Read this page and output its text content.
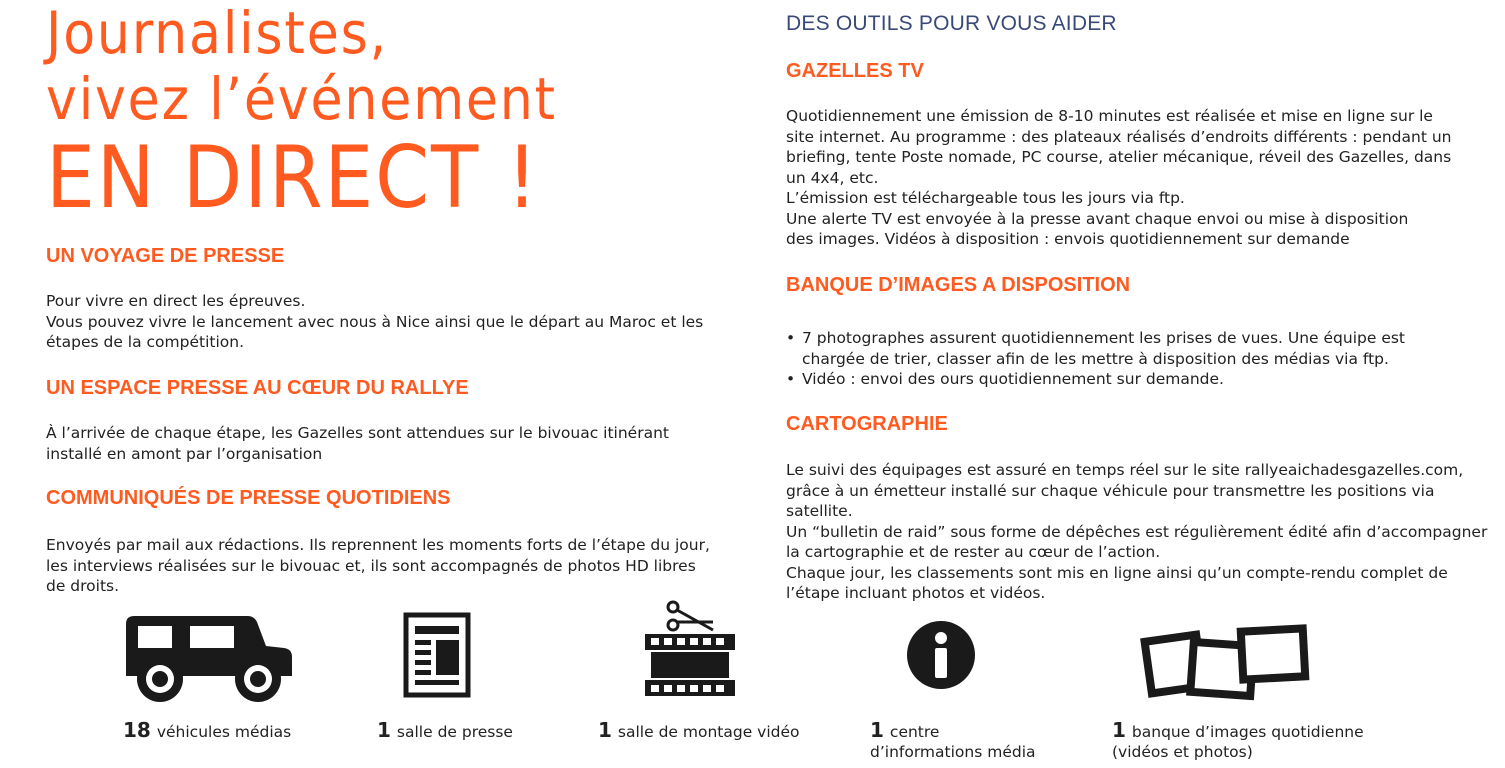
Journalistes,
vivez l’événement
EN DIRECT !
UN VOYAGE DE PRESSE
Pour vivre en direct les épreuves.
Vous pouvez vivre le lancement avec nous à Nice ainsi que le départ au Maroc et les
étapes de la compétition.
UN ESPACE PRESSE AU CŒUR DU RALLYE
À l’arrivée de chaque étape, les Gazelles sont attendues sur le bivouac itinérant
installé en amont par l’organisation
COMMUNIQUÉS DE PRESSE QUOTIDIENS
Envoyés par mail aux rédactions. Ils reprennent les moments forts de l’étape du jour,
les interviews réalisées sur le bivouac et, ils sont accompagnés de photos HD libres
de droits.
DES OUTILS POUR VOUS AIDER
GAZELLES TV
Quotidiennement une émission de 8-10 minutes est réalisée et mise en ligne sur le
site internet. Au programme : des plateaux réalisés d’endroits différents : pendant un
briefing, tente Poste nomade, PC course, atelier mécanique, réveil des Gazelles, dans
un 4x4, etc.
L’émission est téléchargeable tous les jours via ftp.
Une alerte TV est envoyée à la presse avant chaque envoi ou mise à disposition
des images. Vidéos à disposition : envois quotidiennement sur demande
BANQUE D’IMAGES A DISPOSITION
• 7 photographes assurent quotidiennement les prises de vues. Une équipe est
chargée de trier, classer afin de les mettre à disposition des médias via ftp.
• Vidéo : envoi des ours quotidiennement sur demande.
CARTOGRAPHIE
Le suivi des équipages est assuré en temps réel sur le site rallyeaichadesgazelles.com,
grâce à un émetteur installé sur chaque véhicule pour transmettre les positions via satellite.
Un “bulletin de raid” sous forme de dépêches est régulièrement édité afin d’accompagner
la cartographie et de rester au cœur de l’action.
Chaque jour, les classements sont mis en ligne ainsi qu’un compte-rendu complet de
l’étape incluant photos et vidéos.
18 véhicules médias	1 salle de presse	1 salle de montage vidéo	1 centre
d’informations média
1 banque d’images quotidienne
(vidéos et photos)
